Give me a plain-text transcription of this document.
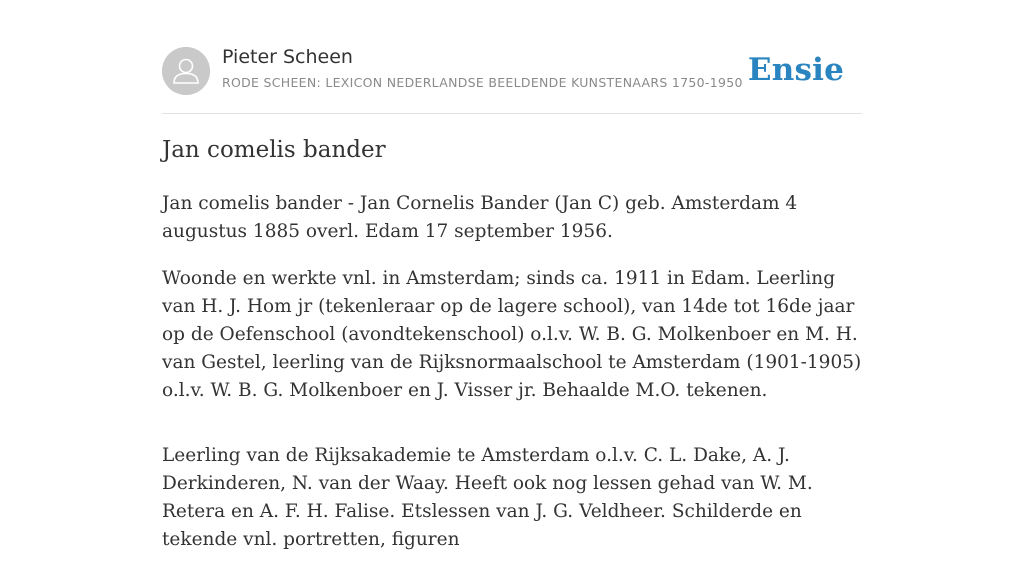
Pieter Scheen
RODE SCHEEN: LEXICON NEDERLANDSE BEELDENDE KUNSTENAARS 1750-1950 Ensie
Jan comelis bander

Jan comelis bander - Jan Cornelis Bander (Jan C) geb. Amsterdam 4 augustus 1885 overl. Edam 17 september 1956.

Woonde en werkte vnl. in Amsterdam; sinds ca. 1911 in Edam. Leerling van H. J. Hom jr (tekenleraar op de lagere school), van 14de tot 16de jaar op de Oefenschool (avondtekenschool) o.l.v. W. B. G. Molkenboer en M. H. van Gestel, leerling van de Rijksnormaalschool te Amsterdam (1901-1905) o.l.v. W. B. G. Molkenboer en J. Visser jr. Behaalde M.O. tekenen.

Leerling van de Rijksakademie te Amsterdam o.l.v. C. L. Dake, A. J. Derkinderen, N. van der Waay. Heeft ook nog lessen gehad van W. M. Retera en A. F. H. Falise. Etslessen van J. G. Veldheer. Schilderde en tekende vnl. portretten, figuren
